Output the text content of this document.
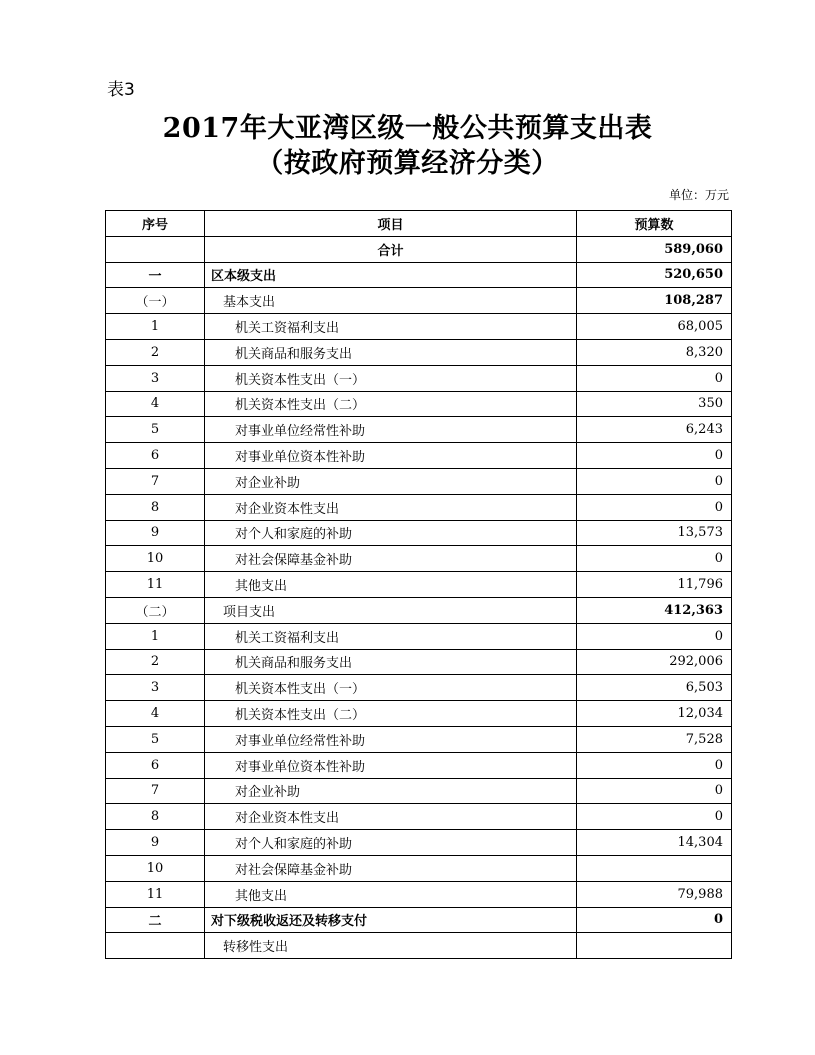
表3
2017年大亚湾区级一般公共预算支出表
（按政府预算经济分类）
单位：万元
序号	项目	预算数
	合计	589,060
一	区本级支出	520,650
（一）	基本支出	108,287
1	机关工资福利支出	68,005
2	机关商品和服务支出	8,320
3	机关资本性支出（一）	0
4	机关资本性支出（二）	350
5	对事业单位经常性补助	6,243
6	对事业单位资本性补助	0
7	对企业补助	0
8	对企业资本性支出	0
9	对个人和家庭的补助	13,573
10	对社会保障基金补助	0
11	其他支出	11,796
（二）	项目支出	412,363
1	机关工资福利支出	0
2	机关商品和服务支出	292,006
3	机关资本性支出（一）	6,503
4	机关资本性支出（二）	12,034
5	对事业单位经常性补助	7,528
6	对事业单位资本性补助	0
7	对企业补助	0
8	对企业资本性支出	0
9	对个人和家庭的补助	14,304
10	对社会保障基金补助	
11	其他支出	79,988
二	对下级税收返还及转移支付	0
	转移性支出	
